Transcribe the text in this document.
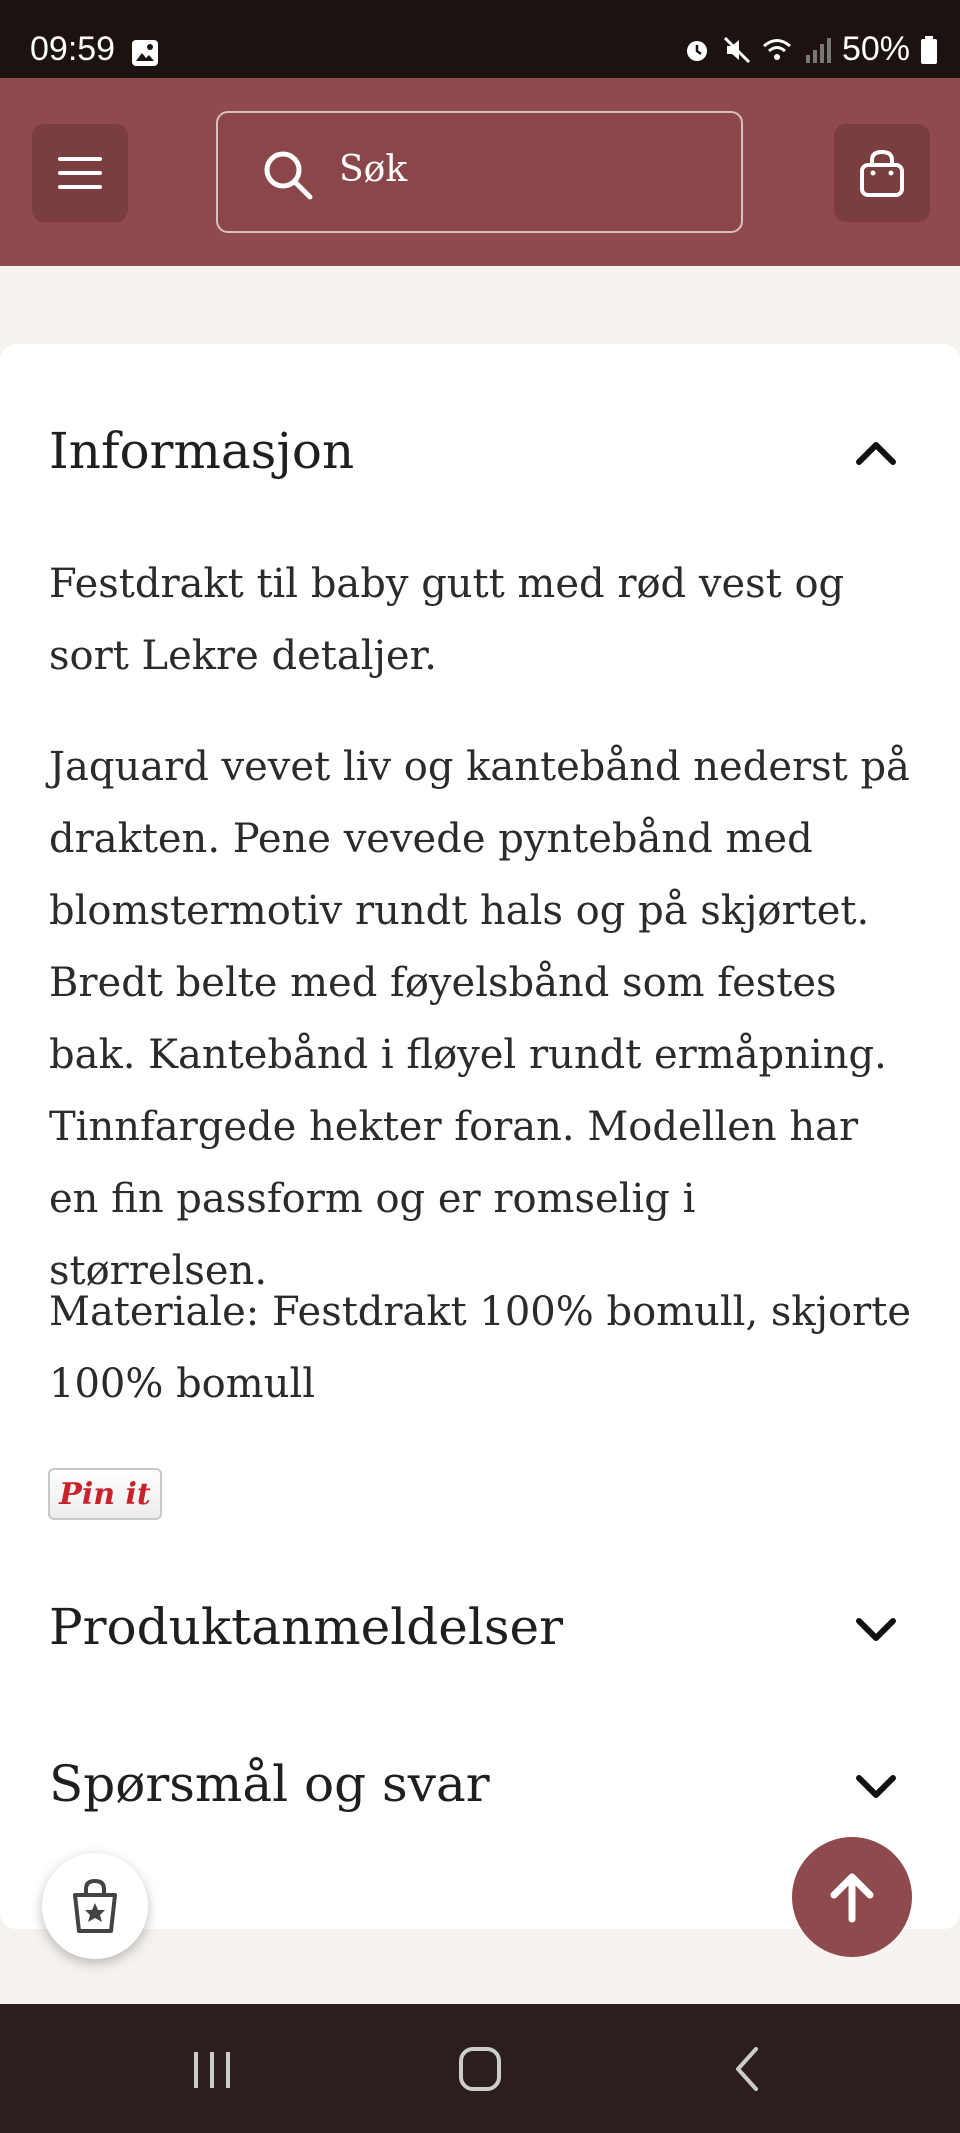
09:59	50%
Søk
Informasjon
Festdrakt til baby gutt med rød vest og sort Lekre detaljer.
Jaquard vevet liv og kantebånd nederst på drakten. Pene vevede pyntebånd med blomstermotiv rundt hals og på skjørtet. Bredt belte med føyelsbånd som festes bak. Kantebånd i fløyel rundt ermåpning. Tinnfargede hekter foran. Modellen har en fin passform og er romselig i størrelsen.
Materiale: Festdrakt 100% bomull, skjorte 100% bomull
Pin it
Produktanmeldelser
Spørsmål og svar
